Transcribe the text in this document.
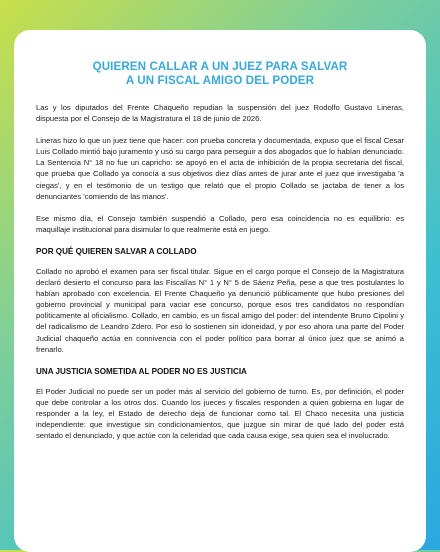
QUIEREN CALLAR A UN JUEZ PARA SALVAR
A UN FISCAL AMIGO DEL PODER

Las y los diputados del Frente Chaqueño repudian la suspensión del juez Rodolfo Gustavo Lineras, dispuesta por el Consejo de la Magistratura el 18 de junio de 2026.

Lineras hizo lo que un juez tiene que hacer: con prueba concreta y documentada, expuso que el fiscal Cesar Luis Collado mintió bajo juramento y usó su cargo para perseguir a dos abogados que lo habían denunciado. La Sentencia N° 18 no fue un capricho: se apoyó en el acta de inhibición de la propia secretaria del fiscal, que prueba que Collado ya conocía a sus objetivos diez días antes de jurar ante el juez que investigaba 'a ciegas', y en el testimonio de un testigo que relató que el propio Collado se jactaba de tener a los denunciantes 'comiendo de las manos'.

Ese mismo día, el Consejo también suspendió a Collado, pero esa coincidencia no es equilibrio: es maquillaje institucional para disimular lo que realmente está en juego.

POR QUÉ QUIEREN SALVAR A COLLADO

Collado no aprobó el examen para ser fiscal titular. Sigue en el cargo porque el Consejo de la Magistratura declaró desierto el concurso para las Fiscalías N° 1 y N° 5 de Sáenz Peña, pese a que tres postulantes lo habían aprobado con excelencia. El Frente Chaqueño ya denunció públicamente que hubo presiones del gobierno provincial y municipal para vaciar ese concurso, porque esos tres candidatos no respondían políticamente al oficialismo. Collado, en cambio, es un fiscal amigo del poder: del intendente Bruno Cipolini y del radicalismo de Leandro Zdero. Por eso lo sostienen sin idoneidad, y por eso ahora una parte del Poder Judicial chaqueño actúa en connivencia con el poder político para borrar al único juez que se animó a frenarlo.

UNA JUSTICIA SOMETIDA AL PODER NO ES JUSTICIA

El Poder Judicial no puede ser un poder más al servicio del gobierno de turno. Es, por definición, el poder que debe controlar a los otros dos. Cuando los jueces y fiscales responden a quien gobierna en lugar de responder a la ley, el Estado de derecho deja de funcionar como tal. El Chaco necesita una justicia independiente: que investigue sin condicionamientos, que juzgue sin mirar de qué lado del poder está sentado el denunciado, y que actúe con la celeridad que cada causa exige, sea quien sea el involucrado.
